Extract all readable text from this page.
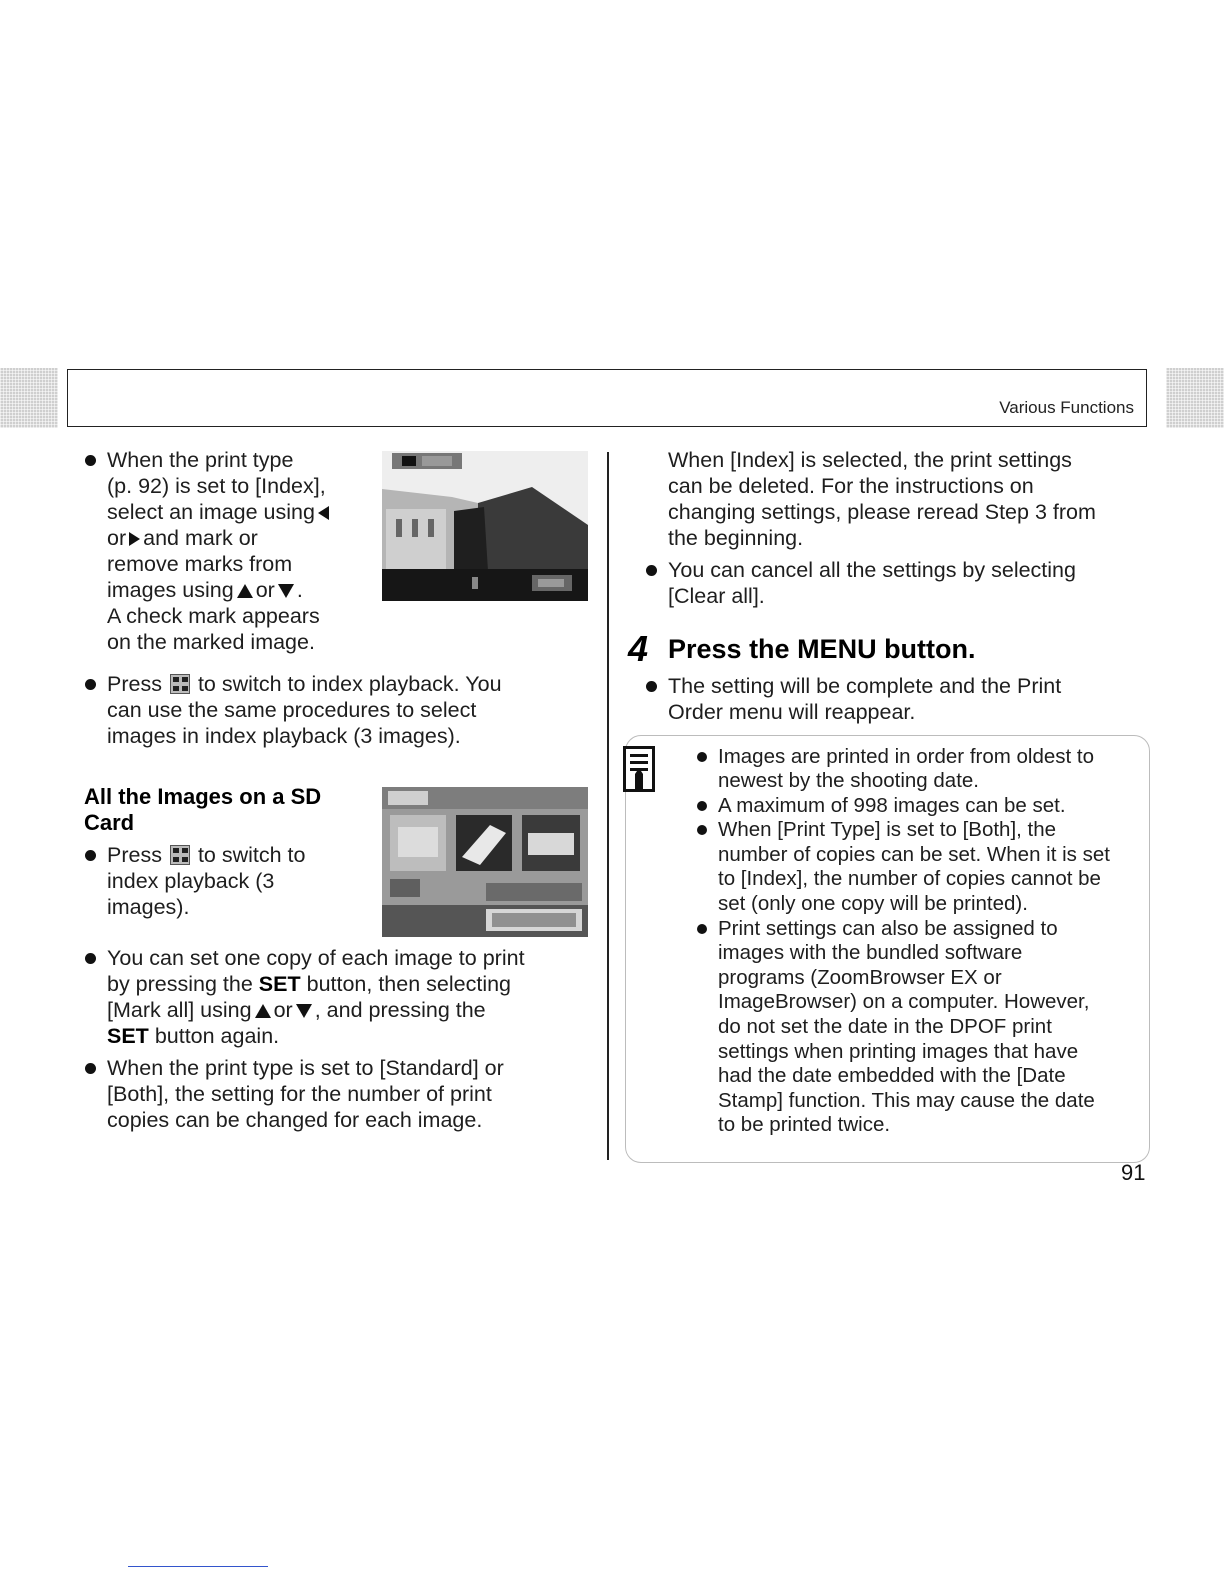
Various Functions
When the print type
(p. 92) is set to [Index],
select an image using
or and mark or
remove marks from
images using or .
A check mark appears
on the marked image.
Press to switch to index playback. You
can use the same procedures to select
images in index playback (3 images).
All the Images on a SD
Card
Press to switch to
index playback (3
images).
You can set one copy of each image to print
by pressing the SET button, then selecting
[Mark all] using or , and pressing the
SET button again.
When the print type is set to [Standard] or
[Both], the setting for the number of print
copies can be changed for each image.
When [Index] is selected, the print settings
can be deleted. For the instructions on
changing settings, please reread Step 3 from
the beginning.
You can cancel all the settings by selecting
[Clear all].
4 Press the MENU button.
The setting will be complete and the Print
Order menu will reappear.
Images are printed in order from oldest to
newest by the shooting date.
A maximum of 998 images can be set.
When [Print Type] is set to [Both], the
number of copies can be set. When it is set
to [Index], the number of copies cannot be
set (only one copy will be printed).
Print settings can also be assigned to
images with the bundled software
programs (ZoomBrowser EX or
ImageBrowser) on a computer. However,
do not set the date in the DPOF print
settings when printing images that have
had the date embedded with the [Date
Stamp] function. This may cause the date
to be printed twice.
91
